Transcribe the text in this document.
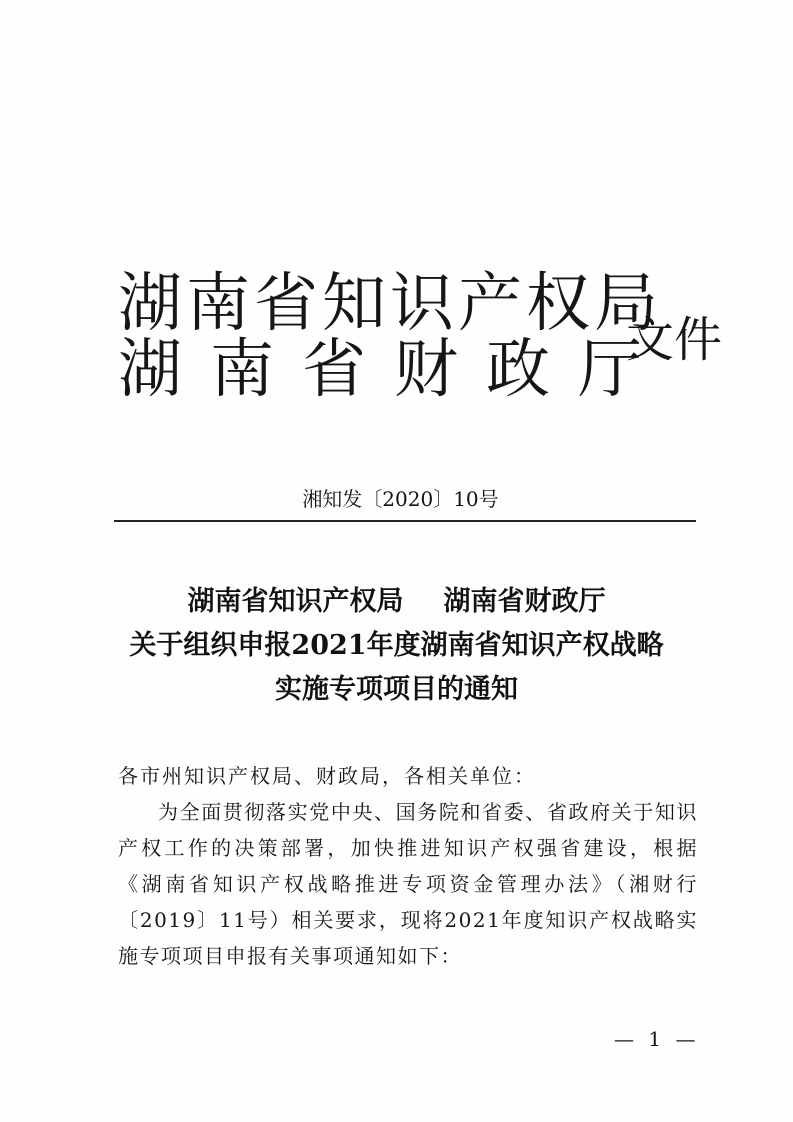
湖南省知识产权局
湖南省财政厅
文件
湘知发〔2020〕10号
湖南省知识产权局 湖南省财政厅
关于组织申报2021年度湖南省知识产权战略
实施专项项目的通知
各市州知识产权局、财政局，各相关单位：
为全面贯彻落实党中央、国务院和省委、省政府关于知识产权工作的决策部署，加快推进知识产权强省建设，根据《湖南省知识产权战略推进专项资金管理办法》（湘财行〔2019〕11号）相关要求，现将2021年度知识产权战略实施专项项目申报有关事项通知如下：
— 1 —
